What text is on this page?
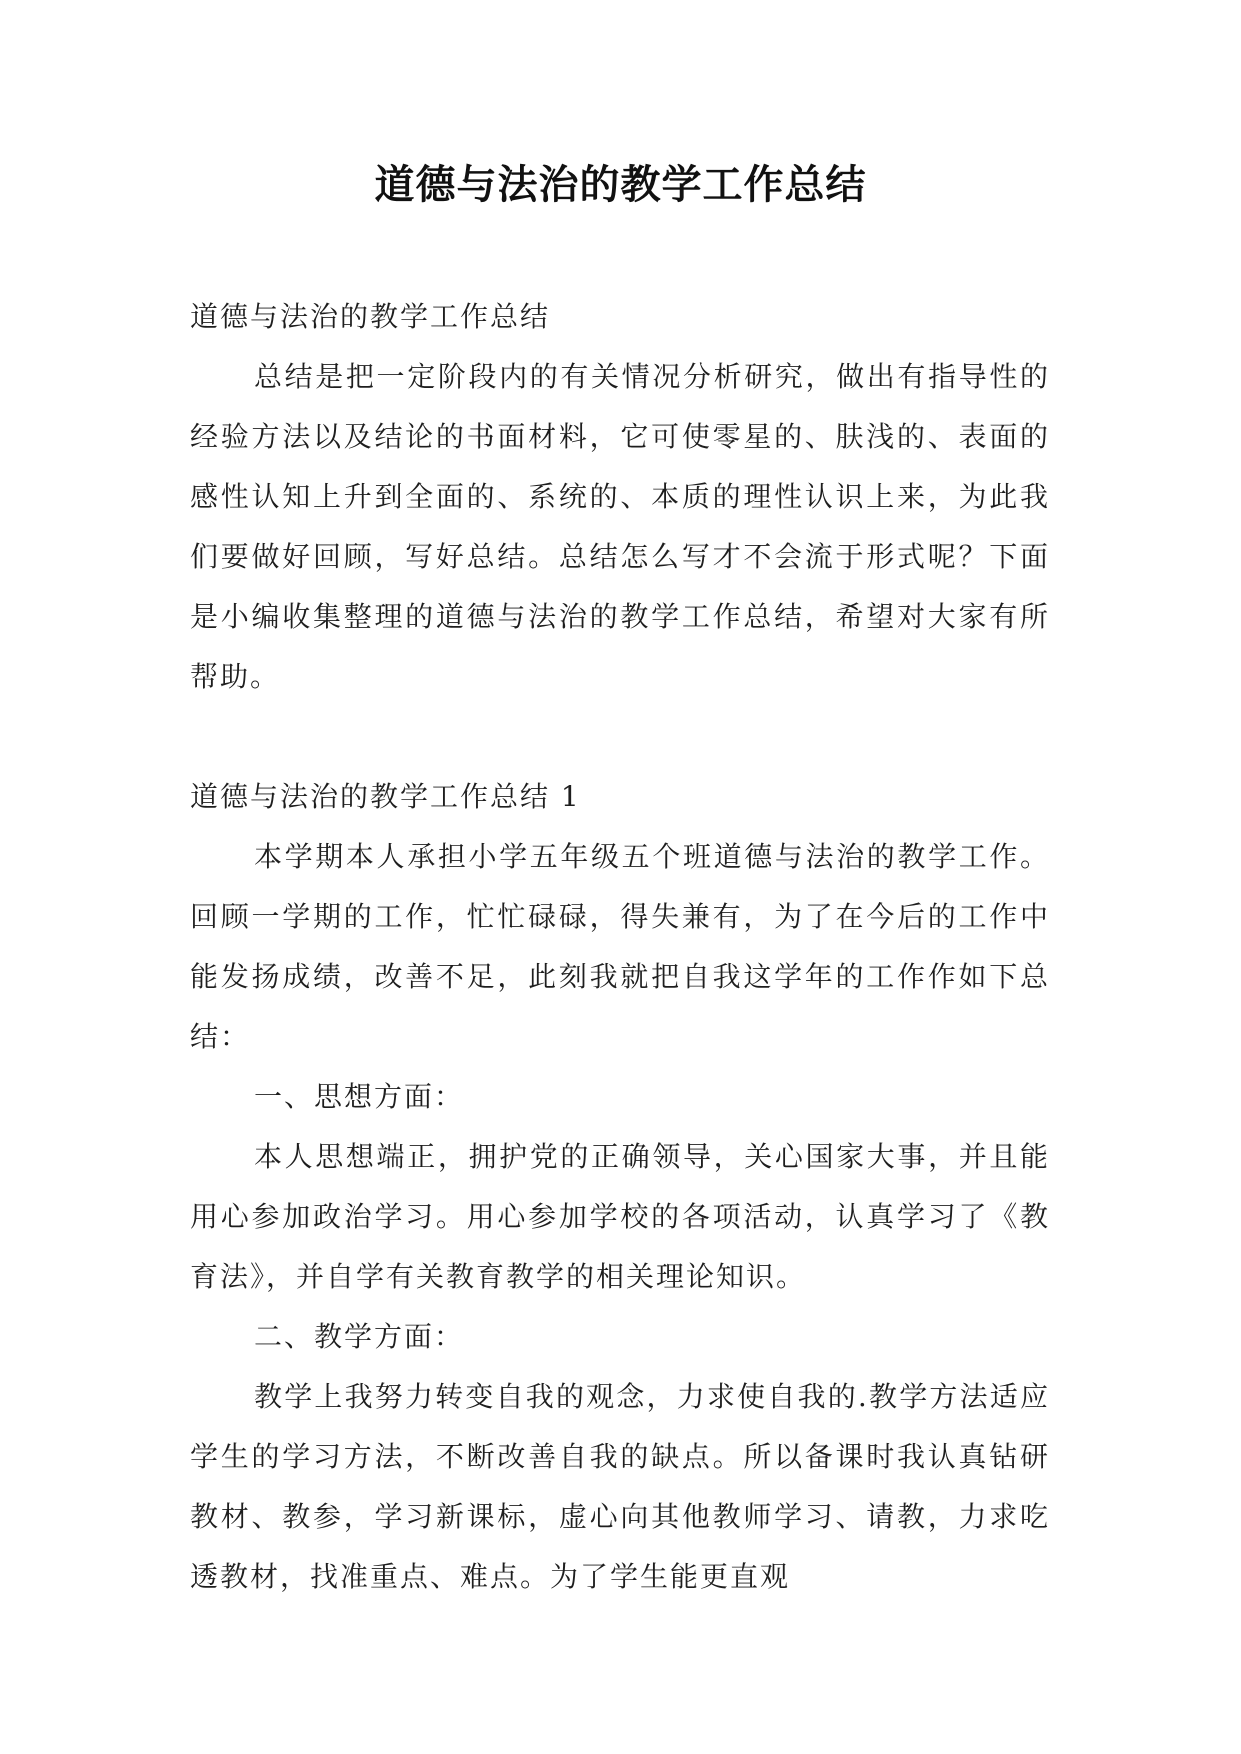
道德与法治的教学工作总结

道德与法治的教学工作总结

总结是把一定阶段内的有关情况分析研究，做出有指导性的经验方法以及结论的书面材料，它可使零星的、肤浅的、表面的感性认知上升到全面的、系统的、本质的理性认识上来，为此我们要做好回顾，写好总结。总结怎么写才不会流于形式呢？下面是小编收集整理的道德与法治的教学工作总结，希望对大家有所帮助。

道德与法治的教学工作总结 1

本学期本人承担小学五年级五个班道德与法治的教学工作。回顾一学期的工作，忙忙碌碌，得失兼有，为了在今后的工作中能发扬成绩，改善不足，此刻我就把自我这学年的工作作如下总结：

一、思想方面：

本人思想端正，拥护党的正确领导，关心国家大事，并且能用心参加政治学习。用心参加学校的各项活动，认真学习了《教育法》，并自学有关教育教学的相关理论知识。

二、教学方面：

教学上我努力转变自我的观念，力求使自我的.教学方法适应学生的学习方法，不断改善自我的缺点。所以备课时我认真钻研教材、教参，学习新课标，虚心向其他教师学习、请教，力求吃透教材，找准重点、难点。为了学生能更直观
